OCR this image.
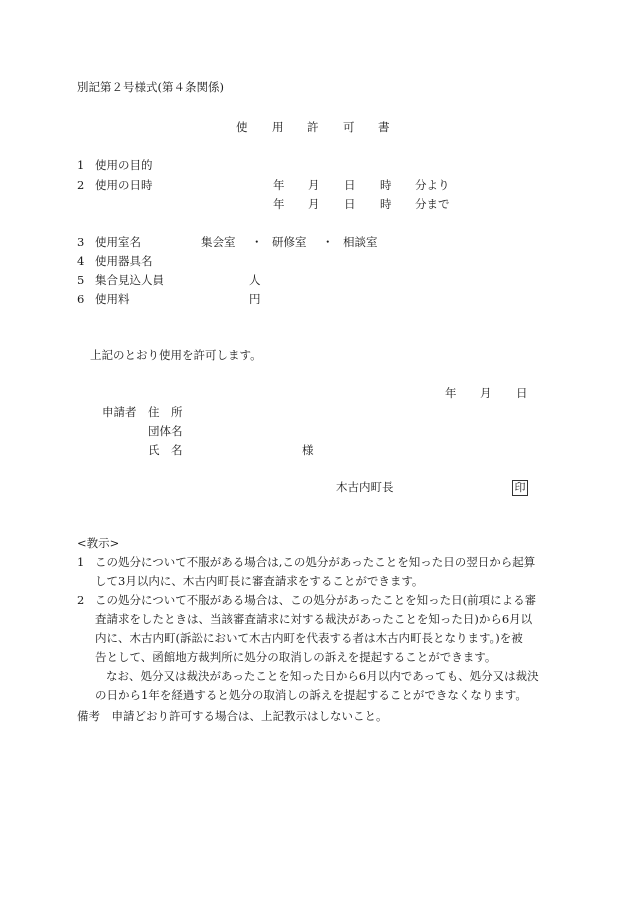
別記第２号様式(第４条関係)
使 用 許 可 書
1 使用の目的
2 使用の日時	年 月 日 時 分より
年 月 日 時 分まで
3 使用室名	集会室 ・ 研修室 ・ 相談室
4 使用器具名
5 集合見込人員	人
6 使用料	円
上記のとおり使用を許可します。
年 月 日
申請者 住　所
団体名
氏　名	様
木古内町長	印
<教示>
1 この処分について不服がある場合は,この処分があったことを知った日の翌日から起算
して3月以内に、木古内町長に審査請求をすることができます。
2 この処分について不服がある場合は、この処分があったことを知った日(前項による審
査請求をしたときは、当該審査請求に対する裁決があったことを知った日)から6月以
内に、木古内町(訴訟において木古内町を代表する者は木古内町長となります。)を被
告として、函館地方裁判所に処分の取消しの訴えを提起することができます。
なお、処分又は裁決があったことを知った日から6月以内であっても、処分又は裁決
の日から1年を経過すると処分の取消しの訴えを提起することができなくなります。
備考　申請どおり許可する場合は、上記教示はしないこと。
